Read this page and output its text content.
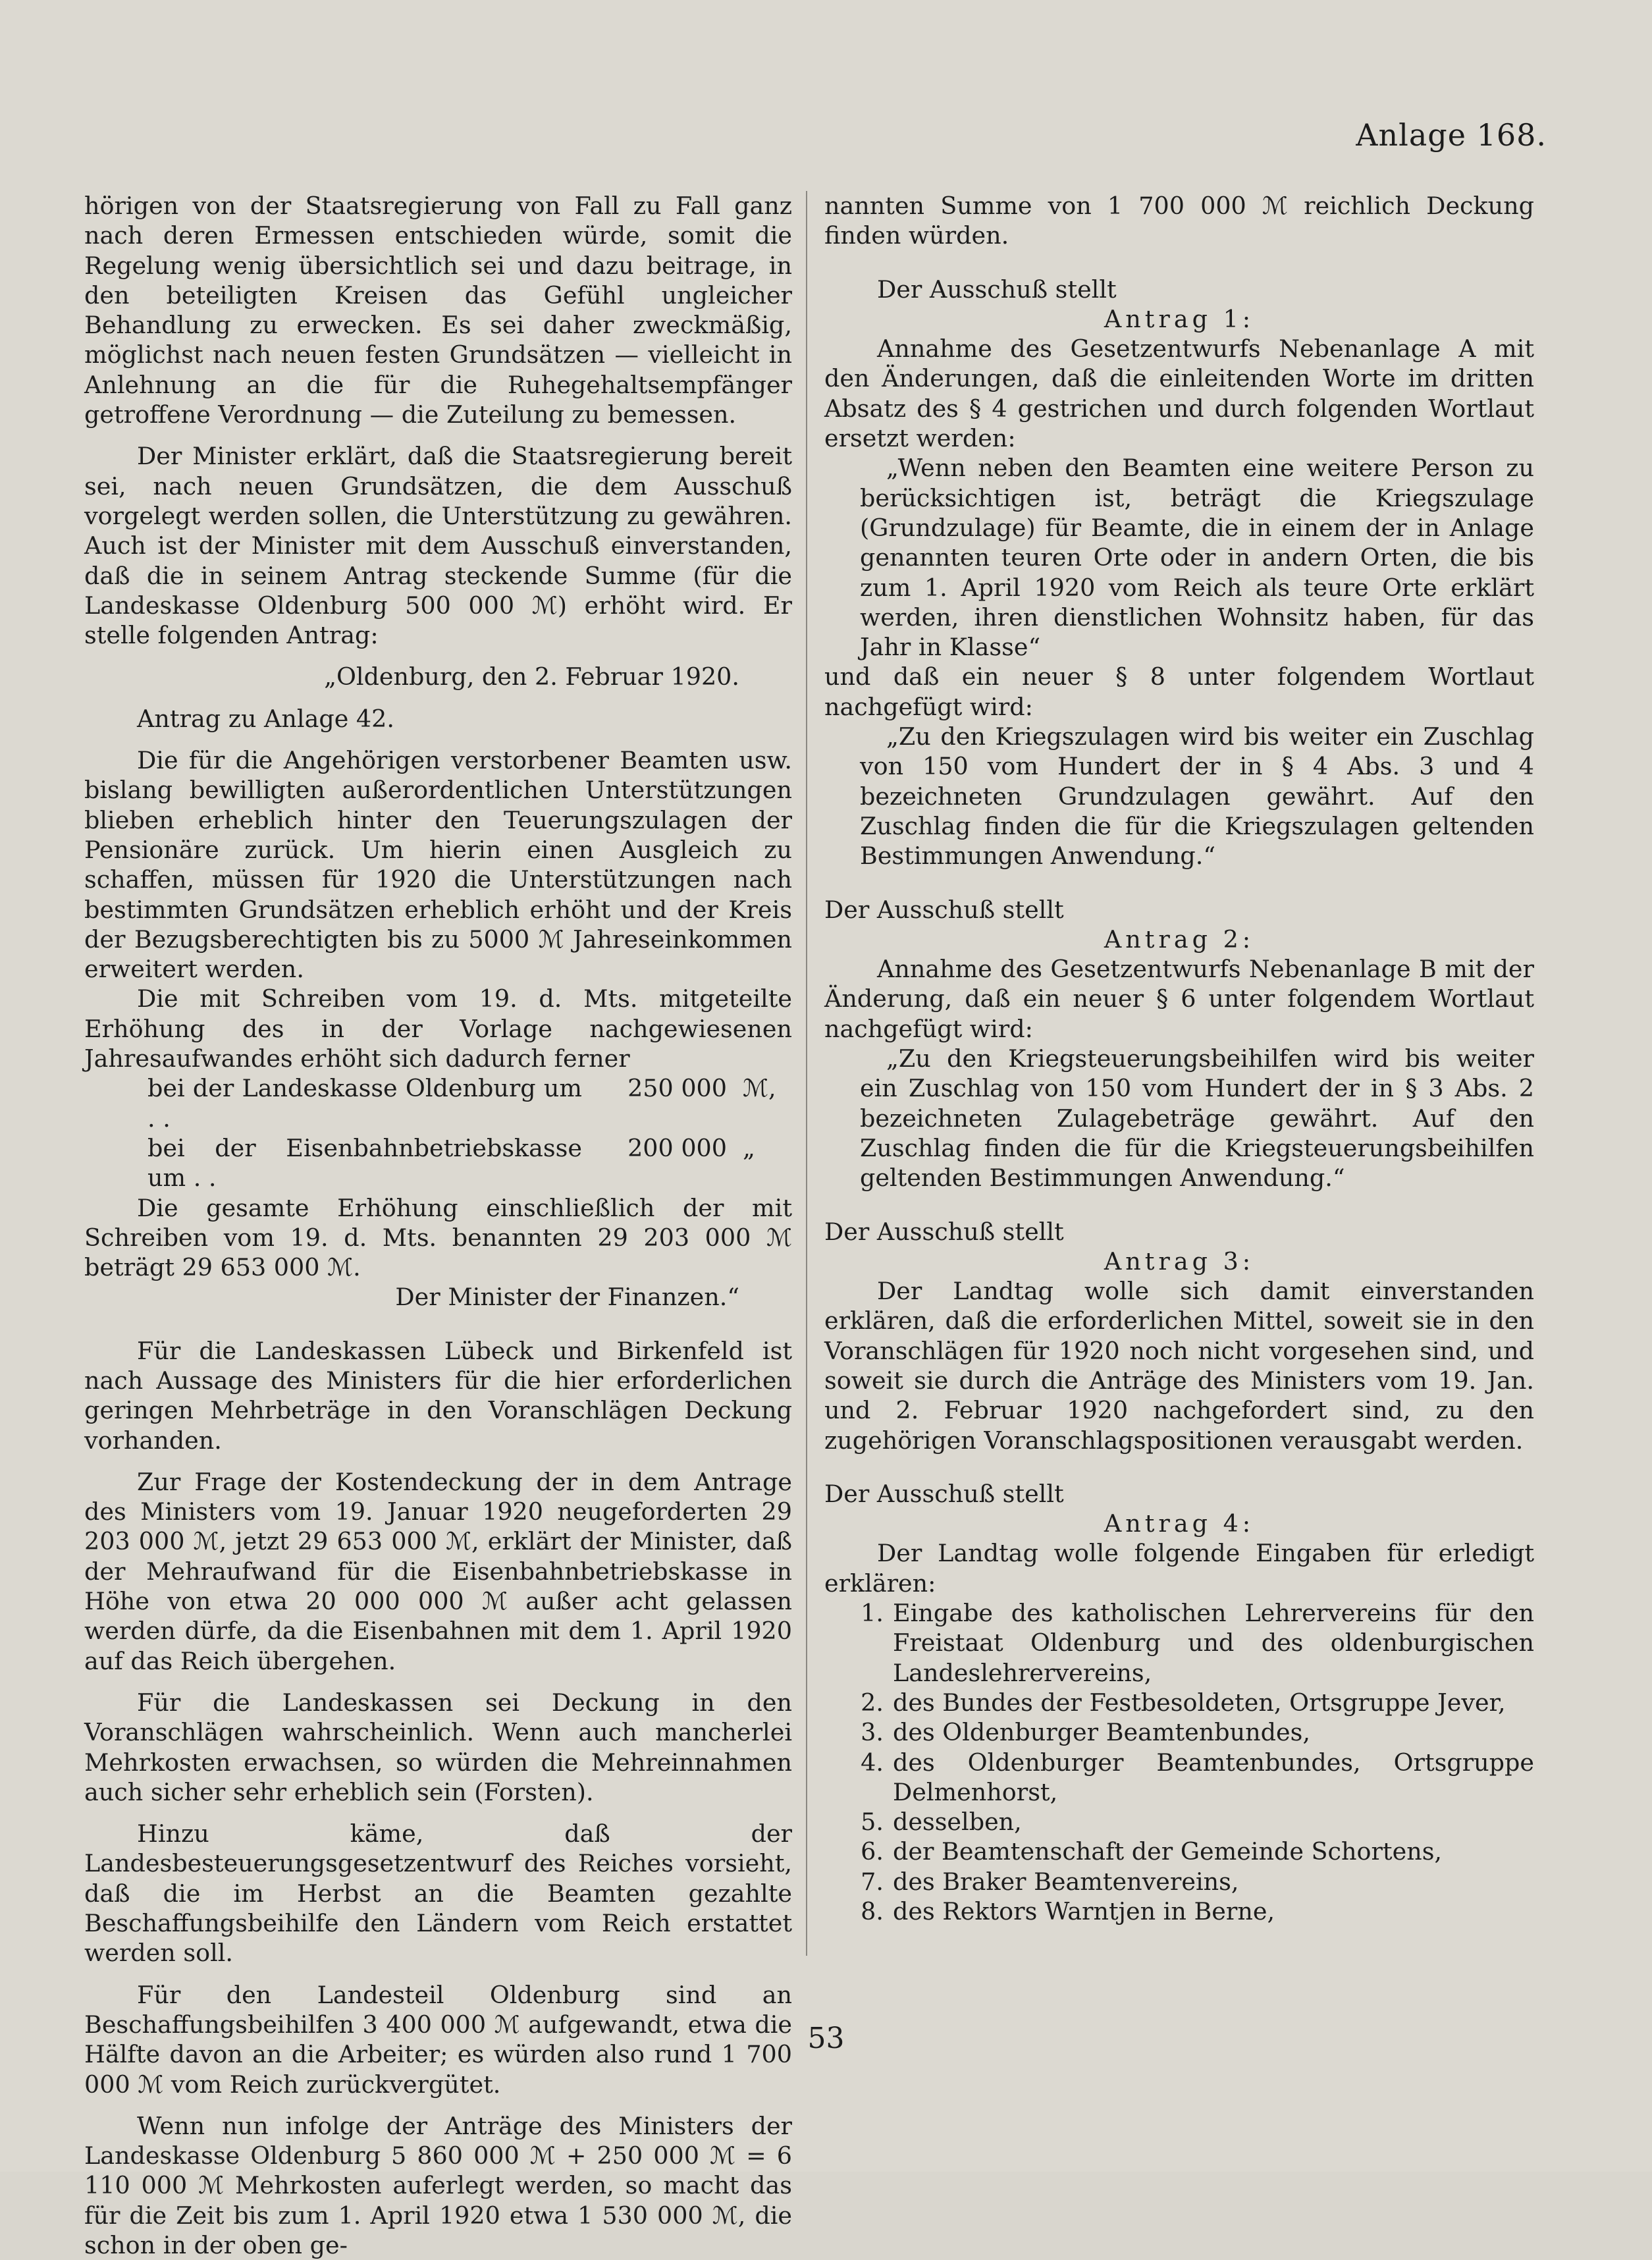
Anlage 168.

hörigen von der Staatsregierung von Fall zu Fall ganz nach deren Ermessen entschieden würde, somit die Regelung wenig übersichtlich sei und dazu beitrage, in den beteiligten Kreisen das Gefühl ungleicher Behandlung zu erwecken. Es sei daher zweckmäßig, möglichst nach neuen festen Grundsätzen — vielleicht in Anlehnung an die für die Ruhegehaltsempfänger getroffene Verordnung — die Zuteilung zu bemessen.

Der Minister erklärt, daß die Staatsregierung bereit sei, nach neuen Grundsätzen, die dem Ausschuß vorgelegt werden sollen, die Unterstützung zu gewähren. Auch ist der Minister mit dem Ausschuß einverstanden, daß die in seinem Antrag steckende Summe (für die Landeskasse Oldenburg 500 000 ℳ) erhöht wird. Er stelle folgenden Antrag:

„Oldenburg, den 2. Februar 1920.

Antrag zu Anlage 42.

Die für die Angehörigen verstorbener Beamten usw. bislang bewilligten außerordentlichen Unterstützungen blieben erheblich hinter den Teuerungszulagen der Pensionäre zurück. Um hierin einen Ausgleich zu schaffen, müssen für 1920 die Unterstützungen nach bestimmten Grundsätzen erheblich erhöht und der Kreis der Bezugsberechtigten bis zu 5000 ℳ Jahreseinkommen erweitert werden.

Die mit Schreiben vom 19. d. Mts. mitgeteilte Erhöhung des in der Vorlage nachgewiesenen Jahresaufwandes erhöht sich dadurch ferner

bei der Landeskasse Oldenburg um . .
250 000 ℳ,
bei der Eisenbahnbetriebskasse um . .
200 000 „

Die gesamte Erhöhung einschließlich der mit Schreiben vom 19. d. Mts. benannten 29 203 000 ℳ beträgt 29 653 000 ℳ.

Der Minister der Finanzen.“

Für die Landeskassen Lübeck und Birkenfeld ist nach Aussage des Ministers für die hier erforderlichen geringen Mehrbeträge in den Voranschlägen Deckung vorhanden.

Zur Frage der Kostendeckung der in dem Antrage des Ministers vom 19. Januar 1920 neugeforderten 29 203 000 ℳ, jetzt 29 653 000 ℳ, erklärt der Minister, daß der Mehraufwand für die Eisenbahnbetriebskasse in Höhe von etwa 20 000 000 ℳ außer acht gelassen werden dürfe, da die Eisenbahnen mit dem 1. April 1920 auf das Reich übergehen.

Für die Landeskassen sei Deckung in den Voranschlägen wahrscheinlich. Wenn auch mancherlei Mehrkosten erwachsen, so würden die Mehreinnahmen auch sicher sehr erheblich sein (Forsten).

Hinzu käme, daß der Landesbesteuerungsgesetzentwurf des Reiches vorsieht, daß die im Herbst an die Beamten gezahlte Beschaffungsbeihilfe den Ländern vom Reich erstattet werden soll.

Für den Landesteil Oldenburg sind an Beschaffungsbeihilfen 3 400 000 ℳ aufgewandt, etwa die Hälfte davon an die Arbeiter; es würden also rund 1 700 000 ℳ vom Reich zurückvergütet.

Wenn nun infolge der Anträge des Ministers der Landeskasse Oldenburg 5 860 000 ℳ + 250 000 ℳ = 6 110 000 ℳ Mehrkosten auferlegt werden, so macht das für die Zeit bis zum 1. April 1920 etwa 1 530 000 ℳ, die schon in der oben ge-

nannten Summe von 1 700 000 ℳ reichlich Deckung finden würden.

Der Ausschuß stellt

Antrag 1:

Annahme des Gesetzentwurfs Nebenanlage A mit den Änderungen, daß die einleitenden Worte im dritten Absatz des § 4 gestrichen und durch folgenden Wortlaut ersetzt werden:

„Wenn neben den Beamten eine weitere Person zu berücksichtigen ist, beträgt die Kriegszulage (Grundzulage) für Beamte, die in einem der in Anlage genannten teuren Orte oder in andern Orten, die bis zum 1. April 1920 vom Reich als teure Orte erklärt werden, ihren dienstlichen Wohnsitz haben, für das Jahr in Klasse“

und daß ein neuer § 8 unter folgendem Wortlaut nachgefügt wird:

„Zu den Kriegszulagen wird bis weiter ein Zuschlag von 150 vom Hundert der in § 4 Abs. 3 und 4 bezeichneten Grundzulagen gewährt. Auf den Zuschlag finden die für die Kriegszulagen geltenden Bestimmungen Anwendung.“

Der Ausschuß stellt

Antrag 2:

Annahme des Gesetzentwurfs Nebenanlage B mit der Änderung, daß ein neuer § 6 unter folgendem Wortlaut nachgefügt wird:

„Zu den Kriegsteuerungsbeihilfen wird bis weiter ein Zuschlag von 150 vom Hundert der in § 3 Abs. 2 bezeichneten Zulagebeträge gewährt. Auf den Zuschlag finden die für die Kriegsteuerungsbeihilfen geltenden Bestimmungen Anwendung.“

Der Ausschuß stellt

Antrag 3:

Der Landtag wolle sich damit einverstanden erklären, daß die erforderlichen Mittel, soweit sie in den Voranschlägen für 1920 noch nicht vorgesehen sind, und soweit sie durch die Anträge des Ministers vom 19. Jan. und 2. Februar 1920 nachgefordert sind, zu den zugehörigen Voranschlagspositionen verausgabt werden.

Der Ausschuß stellt

Antrag 4:

Der Landtag wolle folgende Eingaben für erledigt erklären:

1. Eingabe des katholischen Lehrervereins für den Freistaat Oldenburg und des oldenburgischen Landeslehrervereins,
2. des Bundes der Festbesoldeten, Ortsgruppe Jever,
3. des Oldenburger Beamtenbundes,
4. des Oldenburger Beamtenbundes, Ortsgruppe Delmenhorst,
5. desselben,
6. der Beamtenschaft der Gemeinde Schortens,
7. des Braker Beamtenvereins,
8. des Rektors Warntjen in Berne,
53
